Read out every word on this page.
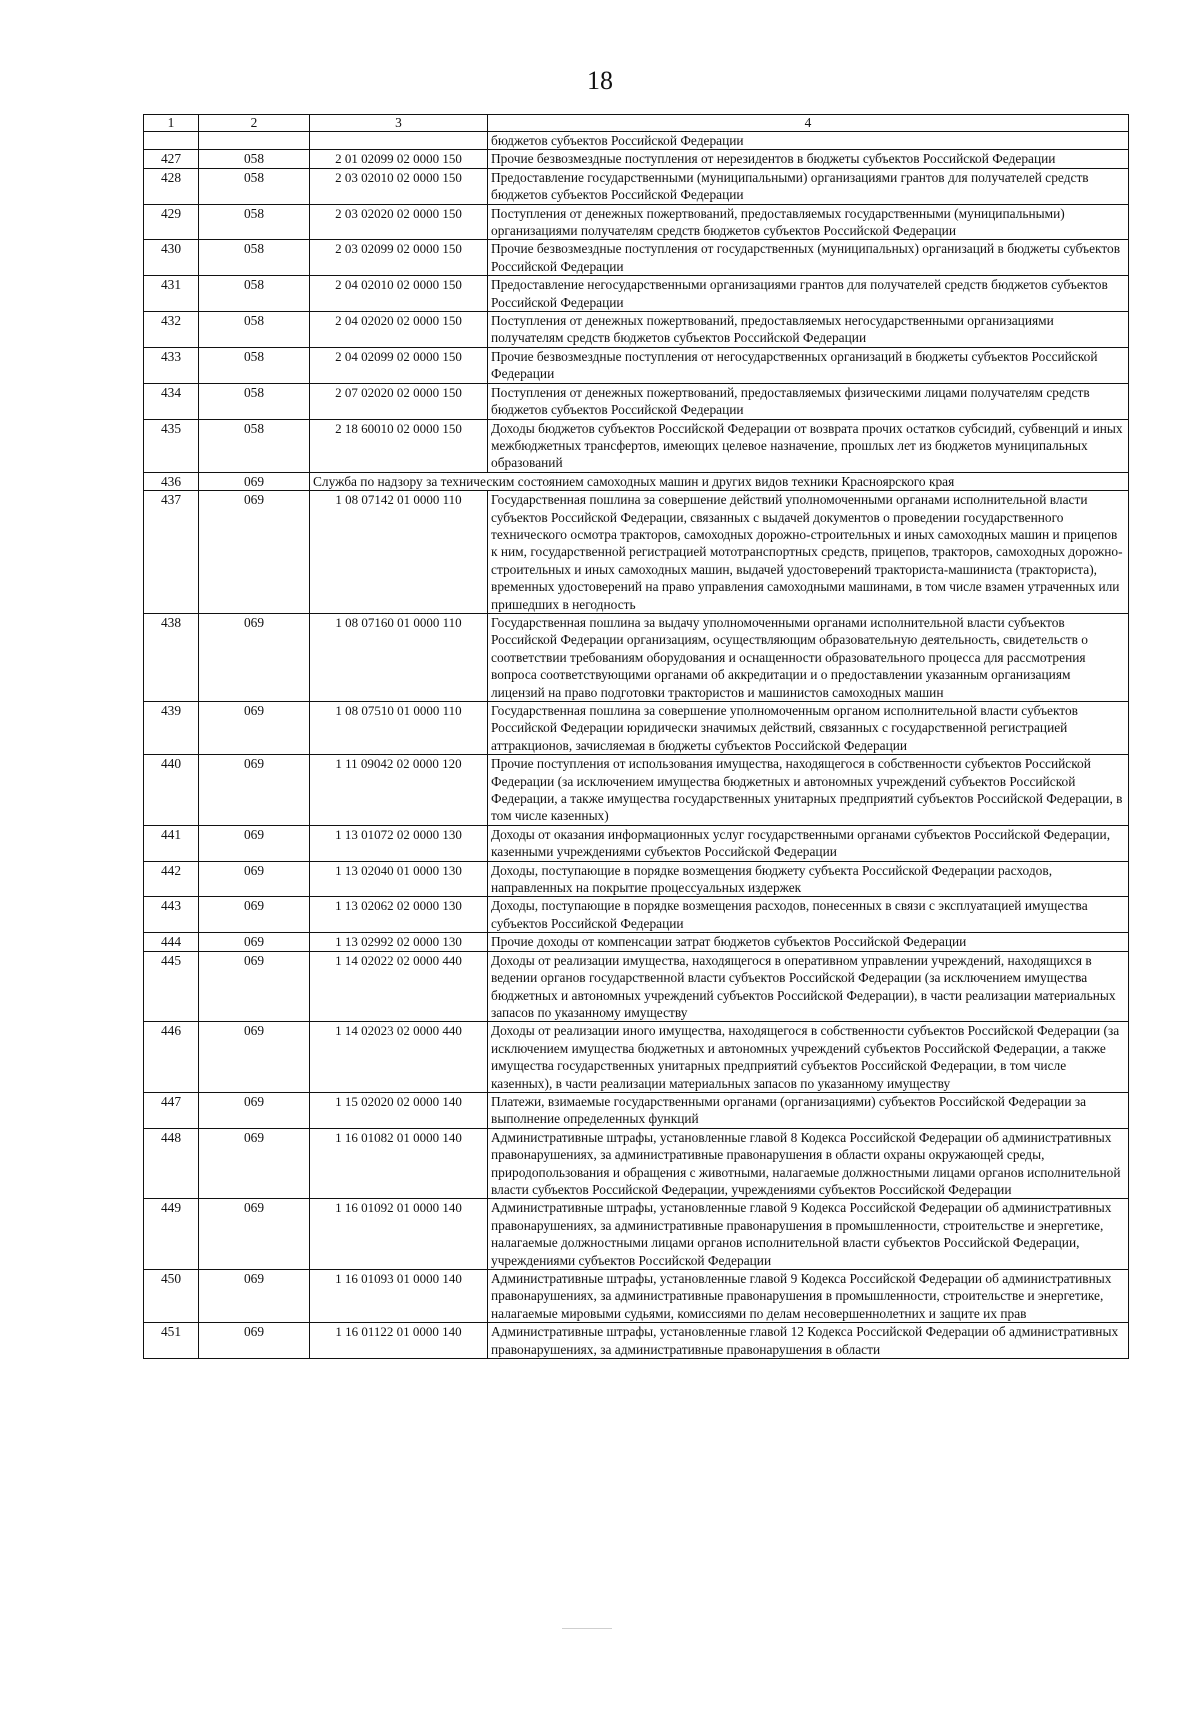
18
1	2	3	4
			бюджетов субъектов Российской Федерации
427	058	2 01 02099 02 0000 150	Прочие безвозмездные поступления от нерезидентов в бюджеты субъектов Российской Федерации
428	058	2 03 02010 02 0000 150	Предоставление государственными (муниципальными) организациями грантов для получателей средств бюджетов субъектов Российской Федерации
429	058	2 03 02020 02 0000 150	Поступления от денежных пожертвований, предоставляемых государственными (муниципальными) организациями получателям средств бюджетов субъектов Российской Федерации
430	058	2 03 02099 02 0000 150	Прочие безвозмездные поступления от государственных (муниципальных) организаций в бюджеты субъектов Российской Федерации
431	058	2 04 02010 02 0000 150	Предоставление негосударственными организациями грантов для получателей средств бюджетов субъектов Российской Федерации
432	058	2 04 02020 02 0000 150	Поступления от денежных пожертвований, предоставляемых негосударственными организациями получателям средств бюджетов субъектов Российской Федерации
433	058	2 04 02099 02 0000 150	Прочие безвозмездные поступления от негосударственных организаций в бюджеты субъектов Российской Федерации
434	058	2 07 02020 02 0000 150	Поступления от денежных пожертвований, предоставляемых физическими лицами получателям средств бюджетов субъектов Российской Федерации
435	058	2 18 60010 02 0000 150	Доходы бюджетов субъектов Российской Федерации от возврата прочих остатков субсидий, субвенций и иных межбюджетных трансфертов, имеющих целевое назначение, прошлых лет из бюджетов муниципальных образований
436	069	Служба по надзору за техническим состоянием самоходных машин и других видов техники Красноярского края	
437	069	1 08 07142 01 0000 110	Государственная пошлина за совершение действий уполномоченными органами исполнительной власти субъектов Российской Федерации, связанных с выдачей документов о проведении государственного технического осмотра тракторов, самоходных дорожно-строительных и иных самоходных машин и прицепов к ним, государственной регистрацией мототранспортных средств, прицепов, тракторов, самоходных дорожно-строительных и иных самоходных машин, выдачей удостоверений тракториста-машиниста (тракториста), временных удостоверений на право управления самоходными машинами, в том числе взамен утраченных или пришедших в негодность
438	069	1 08 07160 01 0000 110	Государственная пошлина за выдачу уполномоченными органами исполнительной власти субъектов Российской Федерации организациям, осуществляющим образовательную деятельность, свидетельств о соответствии требованиям оборудования и оснащенности образовательного процесса для рассмотрения вопроса соответствующими органами об аккредитации и о предоставлении указанным организациям лицензий на право подготовки трактористов и машинистов самоходных машин
439	069	1 08 07510 01 0000 110	Государственная пошлина за совершение уполномоченным органом исполнительной власти субъектов Российской Федерации юридически значимых действий, связанных с государственной регистрацией аттракционов, зачисляемая в бюджеты субъектов Российской Федерации
440	069	1 11 09042 02 0000 120	Прочие поступления от использования имущества, находящегося в собственности субъектов Российской Федерации (за исключением имущества бюджетных и автономных учреждений субъектов Российской Федерации, а также имущества государственных унитарных предприятий субъектов Российской Федерации, в том числе казенных)
441	069	1 13 01072 02 0000 130	Доходы от оказания информационных услуг государственными органами субъектов Российской Федерации, казенными учреждениями субъектов Российской Федерации
442	069	1 13 02040 01 0000 130	Доходы, поступающие в порядке возмещения бюджету субъекта Российской Федерации расходов, направленных на покрытие процессуальных издержек
443	069	1 13 02062 02 0000 130	Доходы, поступающие в порядке возмещения расходов, понесенных в связи с эксплуатацией имущества субъектов Российской Федерации
444	069	1 13 02992 02 0000 130	Прочие доходы от компенсации затрат бюджетов субъектов Российской Федерации
445	069	1 14 02022 02 0000 440	Доходы от реализации имущества, находящегося в оперативном управлении учреждений, находящихся в ведении органов государственной власти субъектов Российской Федерации (за исключением имущества бюджетных и автономных учреждений субъектов Российской Федерации), в части реализации материальных запасов по указанному имуществу
446	069	1 14 02023 02 0000 440	Доходы от реализации иного имущества, находящегося в собственности субъектов Российской Федерации (за исключением имущества бюджетных и автономных учреждений субъектов Российской Федерации, а также имущества государственных унитарных предприятий субъектов Российской Федерации, в том числе казенных), в части реализации материальных запасов по указанному имуществу
447	069	1 15 02020 02 0000 140	Платежи, взимаемые государственными органами (организациями) субъектов Российской Федерации за выполнение определенных функций
448	069	1 16 01082 01 0000 140	Административные штрафы, установленные главой 8 Кодекса Российской Федерации об административных правонарушениях, за административные правонарушения в области охраны окружающей среды, природопользования и обращения с животными, налагаемые должностными лицами органов исполнительной власти субъектов Российской Федерации, учреждениями субъектов Российской Федерации
449	069	1 16 01092 01 0000 140	Административные штрафы, установленные главой 9 Кодекса Российской Федерации об административных правонарушениях, за административные правонарушения в промышленности, строительстве и энергетике, налагаемые должностными лицами органов исполнительной власти субъектов Российской Федерации, учреждениями субъектов Российской Федерации
450	069	1 16 01093 01 0000 140	Административные штрафы, установленные главой 9 Кодекса Российской Федерации об административных правонарушениях, за административные правонарушения в промышленности, строительстве и энергетике, налагаемые мировыми судьями, комиссиями по делам несовершеннолетних и защите их прав
451	069	1 16 01122 01 0000 140	Административные штрафы, установленные главой 12 Кодекса Российской Федерации об административных правонарушениях, за административные правонарушения в области
